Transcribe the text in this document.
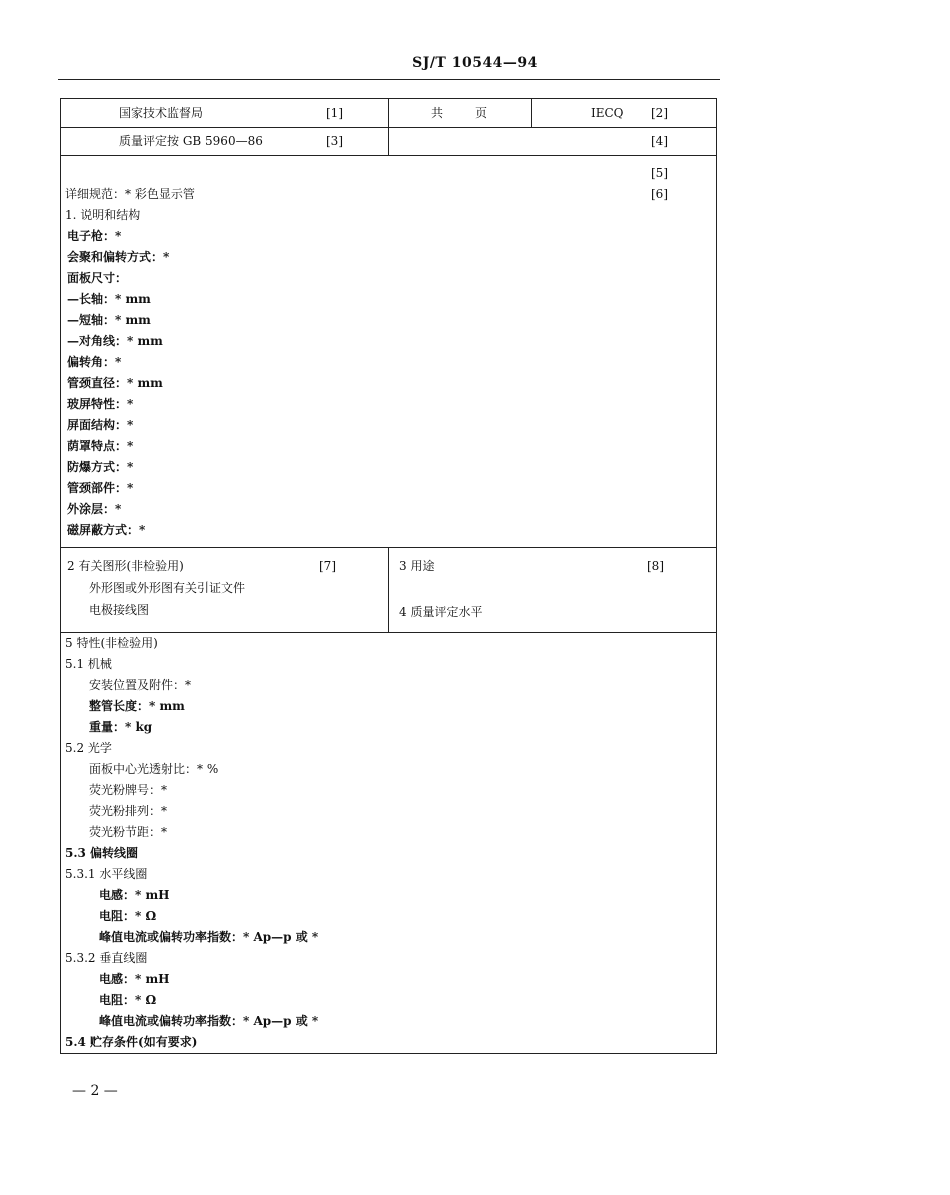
SJ/T 10544—94
国家技术监督局	[1]	共	页	IECQ [2]
质量评定按 GB 5960—86	[3]	[4]
[5]
详细规范：* 彩色显示管	[6]
1. 说明和结构
电子枪：*
会聚和偏转方式：*
面板尺寸：
—长轴：* mm
—短轴：* mm
—对角线：* mm
偏转角：*
管颈直径：* mm
玻屏特性：*
屏面结构：*
荫罩特点：*
防爆方式：*
管颈部件：*
外涂层：*
磁屏蔽方式：*
2 有关图形(非检验用)	[7]
外形图或外形图有关引证文件
电极接线图
3 用途	[8]
4 质量评定水平
5 特性(非检验用)
5.1 机械
安装位置及附件：*
整管长度：* mm
重量：* kg
5.2 光学
面板中心光透射比：* %
荧光粉牌号：*
荧光粉排列：*
荧光粉节距：*
5.3 偏转线圈
5.3.1 水平线圈
电感：* mH
电阻：* Ω
峰值电流或偏转功率指数：* Ap—p 或 *
5.3.2 垂直线圈
电感：* mH
电阻：* Ω
峰值电流或偏转功率指数：* Ap—p 或 *
5.4 贮存条件(如有要求)
— 2 —
